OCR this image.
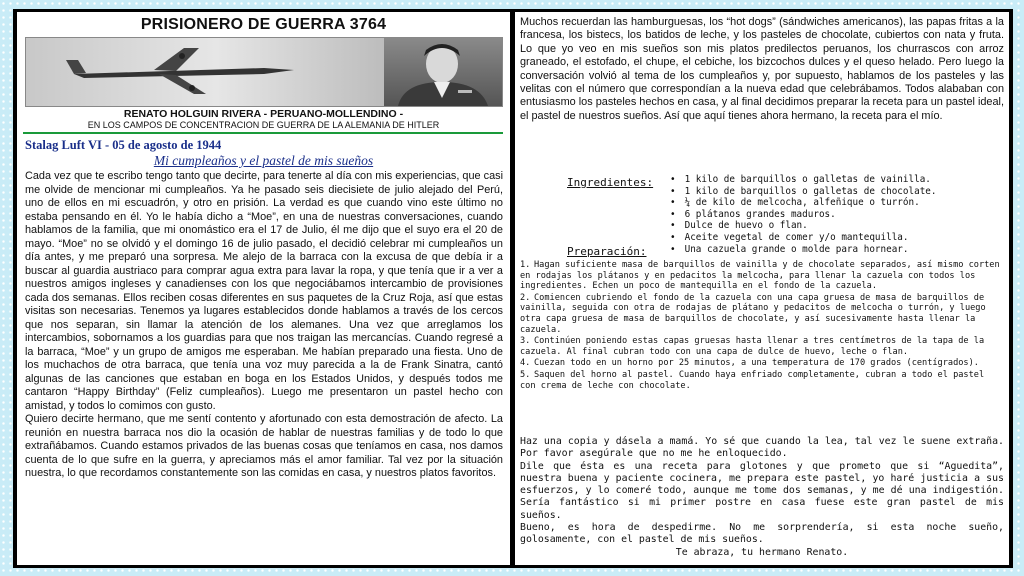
PRISIONERO DE GUERRA 3764
RENATO HOLGUIN RIVERA - PERUANO-MOLLENDINO -
EN LOS CAMPOS DE CONCENTRACION DE GUERRA DE LA ALEMANIA DE HITLER
Stalag Luft VI - 05 de agosto de 1944
Mi cumpleaños y el pastel de mis sueños

Cada vez que te escribo tengo tanto que decirte, para tenerte al día con mis experiencias, que casi me olvide de mencionar mi cumpleaños. Ya he pasado seis diecisiete de julio alejado del Perú, uno de ellos en mi escuadrón, y otro en prisión. La verdad es que cuando vino este último no estaba pensando en él. Yo le había dicho a “Moe”, en una de nuestras conversaciones, cuando hablamos de la familia, que mi onomástico era el 17 de Julio, él me dijo que el suyo era el 20 de mayo. “Moe” no se olvidó y el domingo 16 de julio pasado, el decidió celebrar mi cumpleaños un día antes, y me preparó una sorpresa. Me alejo de la barraca con la excusa de que debía ir a buscar al guardia austriaco para comprar agua extra para lavar la ropa, y que tenía que ir a ver a nuestros amigos ingleses y canadienses con los que negociábamos intercambio de provisiones cada dos semanas. Ellos reciben cosas diferentes en sus paquetes de la Cruz Roja, así que estas visitas son necesarias. Tenemos ya lugares establecidos donde hablamos a través de los cercos que nos separan, sin llamar la atención de los alemanes. Una vez que arreglamos los intercambios, sobornamos a los guardias para que nos traigan las mercancías. Cuando regresé a la barraca, “Moe” y un grupo de amigos me esperaban. Me habían preparado una fiesta. Uno de los muchachos de otra barraca, que tenía una voz muy parecida a la de Frank Sinatra, cantó algunas de las canciones que estaban en boga en los Estados Unidos, y después todos me cantaron “Happy Birthday” (Feliz cumpleaños). Luego me presentaron un pastel hecho con amistad, y todos lo comimos con gusto.

Quiero decirte hermano, que me sentí contento y afortunado con esta demostración de afecto. La reunión en nuestra barraca nos dio la ocasión de hablar de nuestras familias y de todo lo que extrañábamos. Cuando estamos privados de las buenas cosas que teníamos en casa, nos damos cuenta de lo que sufre en la guerra, y apreciamos más el amor familiar. Tal vez por la situación nuestra, lo que recordamos constantemente son las comidas en casa, y nuestros platos favoritos.

Muchos recuerdan las hamburguesas, los “hot dogs” (sándwiches americanos), las papas fritas a la francesa, los bistecs, los batidos de leche, y los pasteles de chocolate, cubiertos con nata y fruta. Lo que yo veo en mis sueños son mis platos predilectos peruanos, los churrascos con arroz graneado, el estofado, el chupe, el cebiche, los bizcochos dulces y el queso helado. Pero luego la conversación volvió al tema de los cumpleaños y, por supuesto, hablamos de los pasteles y las velitas con el número que correspondían a la nueva edad que celebrábamos. Todos alababan con entusiasmo los pasteles hechos en casa, y al final decidimos preparar la receta para un pastel ideal, el pastel de nuestros sueños. Así que aquí tienes ahora hermano, la receta para el mío.

Ingredientes:
•	1 kilo de barquillos o galletas de vainilla.
• 1 kilo de barquillos o galletas de chocolate.
• ¼ de kilo de melcocha, alfeñique o turrón.
• 6 plátanos grandes maduros.
• Dulce de huevo o flan.
• Aceite vegetal de comer y/o mantequilla.
• Una cazuela grande o molde para hornear.
Preparación:
1. Hagan suficiente masa de barquillos de vainilla y de chocolate separados, así mismo corten en rodajas los plátanos y en pedacitos la melcocha, para llenar la cazuela con todos los ingredientes. Echen un poco de mantequilla en el fondo de la cazuela.
2. Comiencen cubriendo el fondo de la cazuela con una capa gruesa de masa de barquillos de vainilla, seguida con otra de rodajas de plátano y pedacitos de melcocha o turrón, y luego otra capa gruesa de masa de barquillos de chocolate, y así sucesivamente hasta llenar la cazuela.
3. Continúen poniendo estas capas gruesas hasta llenar a tres centímetros de la tapa de la cazuela. Al final cubran todo con una capa de dulce de huevo, leche o flan.
4. Cuezan todo en un horno por 25 minutos, a una temperatura de 170 grados (centígrados).
5. Saquen del horno al pastel. Cuando haya enfriado completamente, cubran a todo el pastel con crema de leche con chocolate.

Haz una copia y dásela a mamá. Yo sé que cuando la lea, tal vez le suene extraña. Por favor asegúrale que no me he enloquecido.

Dile que ésta es una receta para glotones y que prometo que si “Aguedita”, nuestra buena y paciente cocinera, me prepara este pastel, yo haré justicia a sus esfuerzos, y lo comeré todo, aunque me tome dos semanas, y me dé una indigestión. Sería fantástico si mi primer postre en casa fuese este gran pastel de mis sueños.

Bueno, es hora de despedirme. No me sorprendería, si esta noche sueño, golosamente, con el pastel de mis sueños.

Te abraza, tu hermano Renato.
